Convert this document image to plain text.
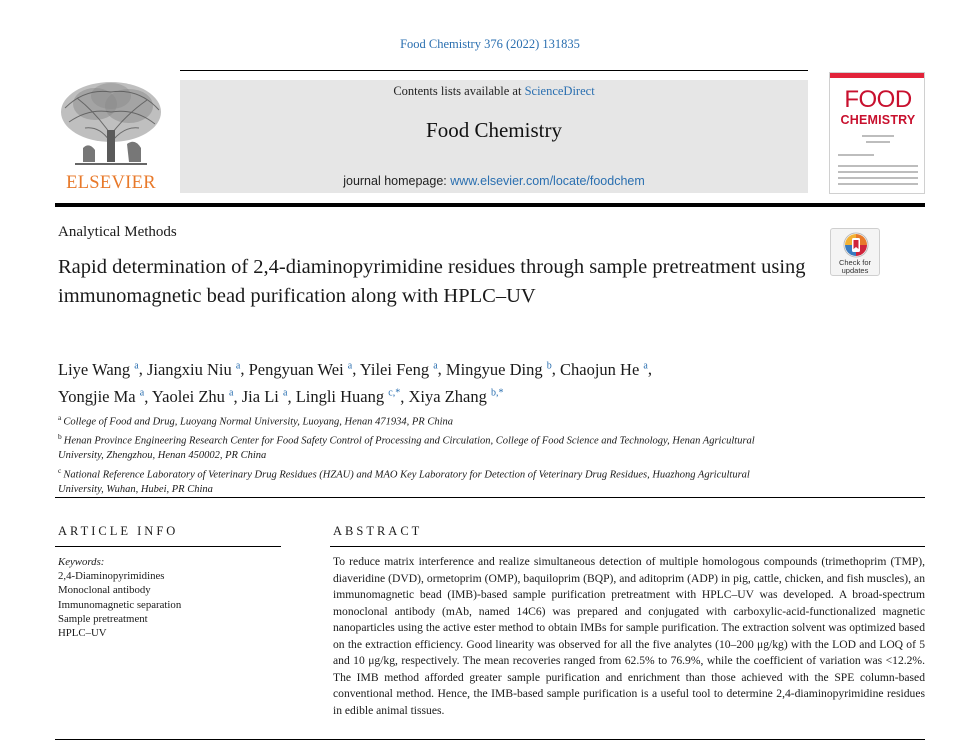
Food Chemistry 376 (2022) 131835
ELSEVIER
Contents lists available at ScienceDirect
Food Chemistry
journal homepage: www.elsevier.com/locate/foodchem
FOOD
CHEMISTRY
Analytical Methods
Check for
updates
Rapid determination of 2,4-diaminopyrimidine residues through sample pretreatment using immunomagnetic bead purification along with HPLC–UV
Liye Wang $^a$, Jiangxiu Niu $^a$, Pengyuan Wei $^a$, Yilei Feng $^a$, Mingyue Ding $^b$, Chaojun He $^a$,
Yongjie Ma $^a$, Yaolei Zhu $^a$, Jia Li $^a$, Lingli Huang $^{c,*}$, Xiya Zhang $^{b,*}$
$^a$ College of Food and Drug, Luoyang Normal University, Luoyang, Henan 471934, PR China
$^b$ Henan Province Engineering Research Center for Food Safety Control of Processing and Circulation, College of Food Science and Technology, Henan Agricultural University, Zhengzhou, Henan 450002, PR China
$^c$ National Reference Laboratory of Veterinary Drug Residues (HZAU) and MAO Key Laboratory for Detection of Veterinary Drug Residues, Huazhong Agricultural University, Wuhan, Hubei, PR China
ARTICLE INFO	ABSTRACT
Keywords:
2,4-Diaminopyrimidines
Monoclonal antibody
Immunomagnetic separation
Sample pretreatment
HPLC–UV
To reduce matrix interference and realize simultaneous detection of multiple homologous compounds (trimethoprim (TMP), diaveridine (DVD), ormetoprim (OMP), baquiloprim (BQP), and aditoprim (ADP) in pig, cattle, chicken, and fish muscles), an immunomagnetic bead (IMB)-based sample purification pretreatment with HPLC–UV was developed. A broad-spectrum monoclonal antibody (mAb, named 14C6) was prepared and conjugated with carboxylic-acid-functionalized magnetic nanoparticles using the active ester method to obtain IMBs for sample purification. The extraction solvent was optimized based on the extraction efficiency. Good linearity was observed for all the five analytes (10–200 μg/kg) with the LOD and LOQ of 5 and 10 μg/kg, respectively. The mean recoveries ranged from 62.5% to 76.9%, while the coefficient of variation was <12.2%. The IMB method afforded greater sample purification and enrichment than those achieved with the SPE column-based conventional method. Hence, the IMB-based sample purification is a useful tool to determine 2,4-diaminopyrimidine residues in edible animal tissues.
